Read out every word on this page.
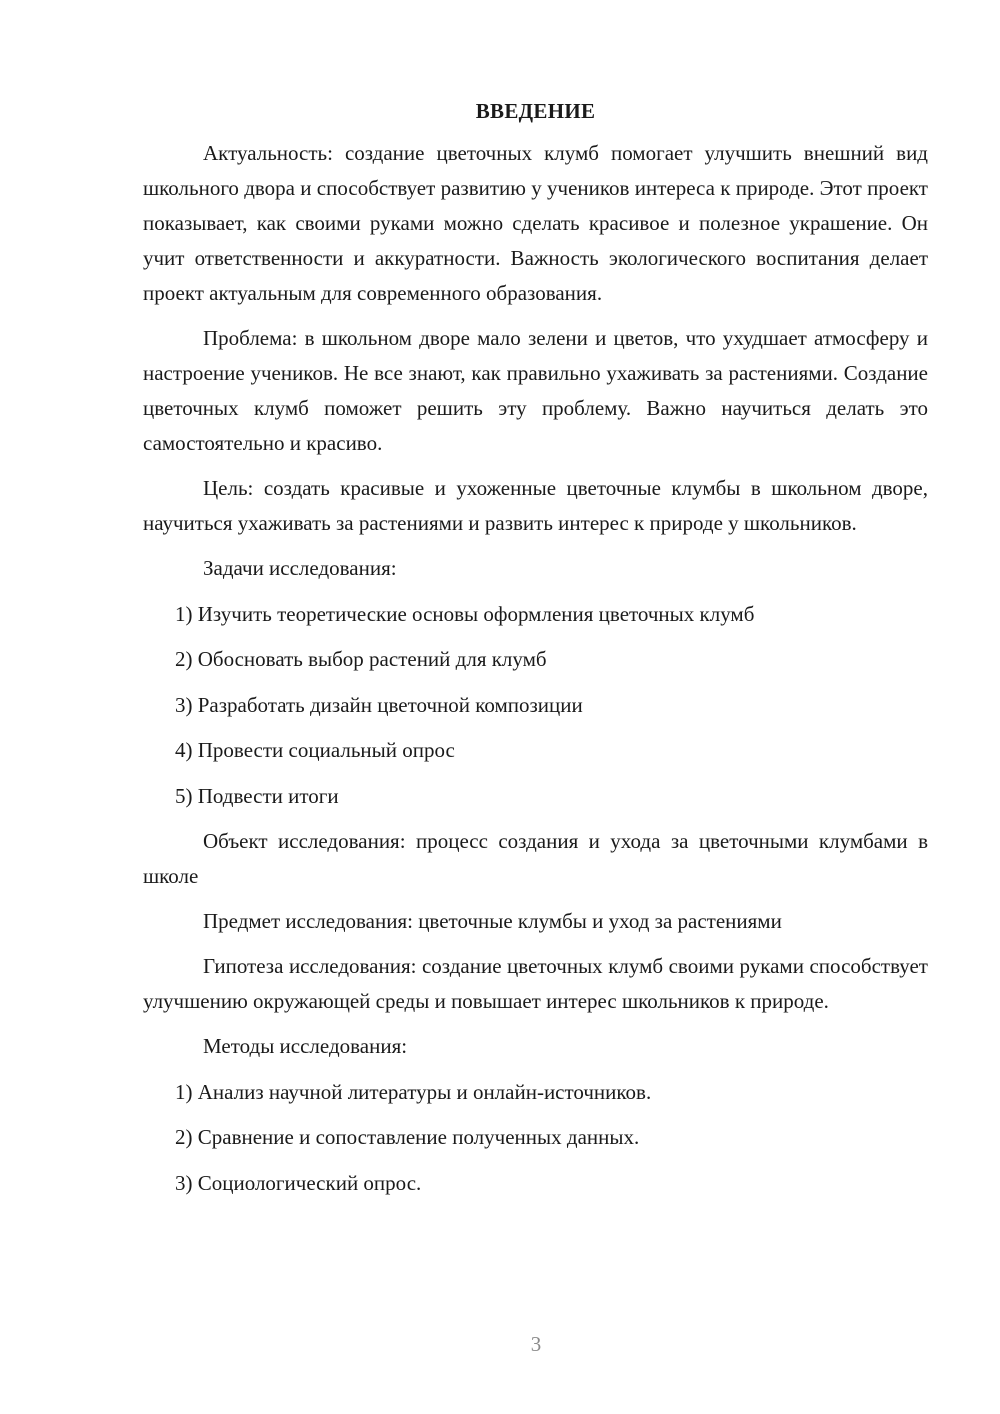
ВВЕДЕНИЕ

Актуальность: создание цветочных клумб помогает улучшить внешний вид школьного двора и способствует развитию у учеников интереса к природе. Этот проект показывает, как своими руками можно сделать красивое и полезное украшение. Он учит ответственности и аккуратности. Важность экологического воспитания делает проект актуальным для современного образования.

Проблема: в школьном дворе мало зелени и цветов, что ухудшает атмосферу и настроение учеников. Не все знают, как правильно ухаживать за растениями. Создание цветочных клумб поможет решить эту проблему. Важно научиться делать это самостоятельно и красиво.

Цель: создать красивые и ухоженные цветочные клумбы в школьном дворе, научиться ухаживать за растениями и развить интерес к природе у школьников.

Задачи исследования:

1) Изучить теоретические основы оформления цветочных клумб

2) Обосновать выбор растений для клумб

3) Разработать дизайн цветочной композиции

4) Провести социальный опрос

5) Подвести итоги

Объект исследования: процесс создания и ухода за цветочными клумбами в школе

Предмет исследования: цветочные клумбы и уход за растениями

Гипотеза исследования: создание цветочных клумб своими руками способствует улучшению окружающей среды и повышает интерес школьников к природе.

Методы исследования:

1) Анализ научной литературы и онлайн-источников.

2) Сравнение и сопоставление полученных данных.

3) Социологический опрос.

3
